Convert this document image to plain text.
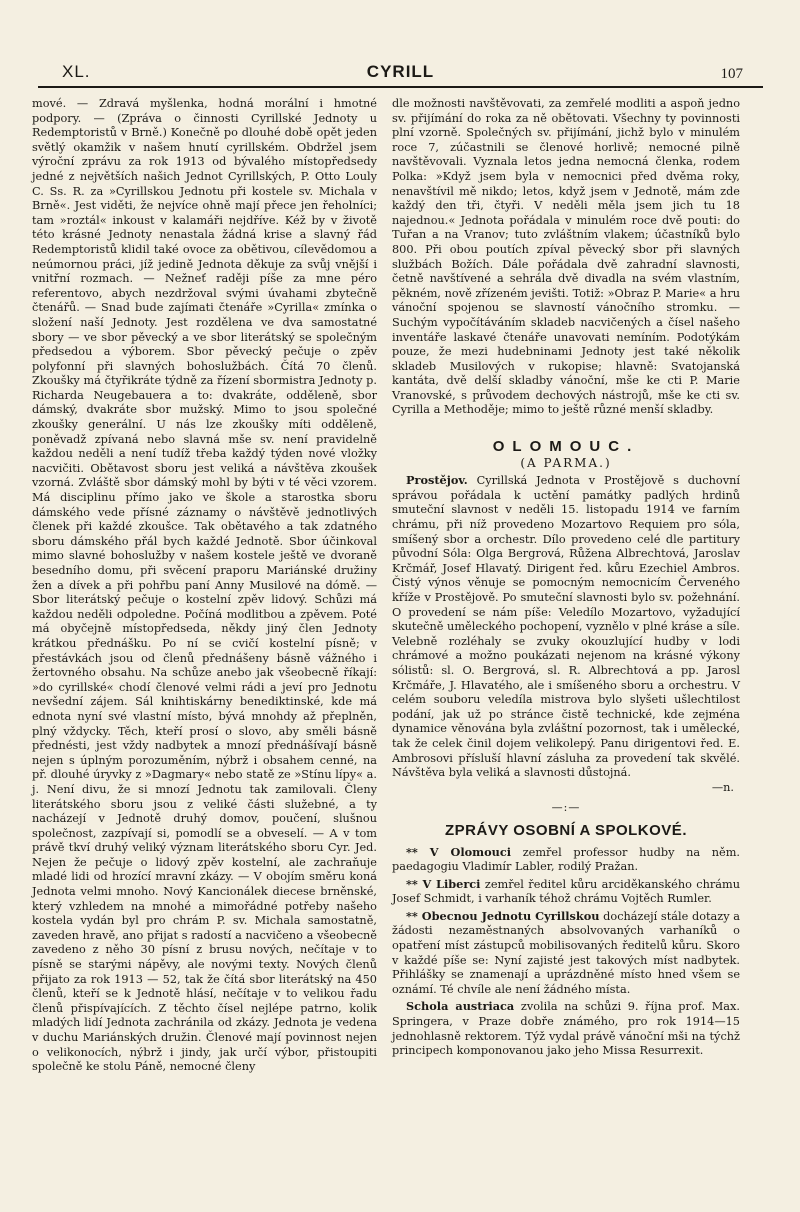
XL.	CYRILL	107

mové. — Zdravá myšlenka, hodná morální i hmotné podpory. — (Zpráva o činnosti Cyrillské Jednoty u Redemptoristů v Brně.) Konečně po dlouhé době opět jeden světlý okamžik v našem hnutí cyrillském. Obdržel jsem výroční zprávu za rok 1913 od bývalého místopředsedy jedné z největších našich Jednot Cyrillských, P. Otto Louly C. Ss. R. za »Cyrillskou Jednotu při kostele sv. Michala v Brně«. Jest viděti, že nejvíce ohně mají přece jen řeholníci; tam »roztál« inkoust v kalamáři nejdříve. Kéž by v životě této krásné Jednoty nenastala žádná krise a slavný řád Redemptoristů klidil také ovoce za obětivou, cílevědomou a neúmornou práci, jíž jedině Jednota děkuje za svůj vnější i vnitřní rozmach. — Nežneť raději píše za mne péro referentovo, abych nezdržoval svými úvahami zbytečně čtenářů. — Snad bude zajímati čtenáře »Cyrilla« zmínka o složení naší Jednoty. Jest rozdělena ve dva samostatné sbory — ve sbor pěvecký a ve sbor literátský se společným předsedou a výborem. Sbor pěvecký pečuje o zpěv polyfonní při slavných bohoslužbách. Čítá 70 členů. Zkoušky má čtyřikráte týdně za řízení sbormistra Jednoty p. Richarda Neugebauera a to: dvakráte, odděleně, sbor dámský, dvakráte sbor mužský. Mimo to jsou společné zkoušky generální. U nás lze zkoušky míti odděleně, poněvadž zpívaná nebo slavná mše sv. není pravidelně každou neděli a není tudíž třeba každý týden nové vložky nacvičiti. Obětavost sboru jest veliká a návštěva zkoušek vzorná. Zvláště sbor dámský mohl by býti v té věci vzorem. Má disciplinu přímo jako ve škole a starostka sboru dámského vede přísné záznamy o návštěvě jednotlivých členek při každé zkoušce. Tak obětavého a tak zdatného sboru dámského přál bych každé Jednotě. Sbor účinkoval mimo slavné bohoslužby v našem kostele ještě ve dvoraně besedního domu, při svěcení praporu Mariánské družiny žen a dívek a při pohřbu paní Anny Musilové na dómě. — Sbor literátský pečuje o kostelní zpěv lidový. Schůzi má každou neděli odpoledne. Počíná modlitbou a zpěvem. Poté má obyčejně místopředseda, někdy jiný člen Jednoty krátkou přednášku. Po ní se cvičí kostelní písně; v přestávkách jsou od členů přednášeny básně vážného i žertovného obsahu. Na schůze anebo jak všeobecně říkají: »do cyrillské« chodí členové velmi rádi a jeví pro Jednotu nevšední zájem. Sál knihtiskárny benediktinské, kde má ednota nyní své vlastní místo, bývá mnohdy až přeplněn, plný vždycky. Těch, kteří prosí o slovo, aby směli básně přednésti, jest vždy nadbytek a mnozí přednášívají básně nejen s úplným porozuměním, nýbrž i obsahem cenné, na př. dlouhé úryvky z »Dagmary« nebo statě ze »Stínu lípy« a. j. Není divu, že si mnozí Jednotu tak zamilovali. Členy literátského sboru jsou z veliké části služebné, a ty nacházejí v Jednotě druhý domov, poučení, slušnou společnost, zazpívají si, pomodlí se a obveselí. — A v tom právě tkví druhý veliký význam literátského sboru Cyr. Jed. Nejen že pečuje o lidový zpěv kostelní, ale zachraňuje mladé lidi od hrozící mravní zkázy. — V obojím směru koná Jednota velmi mnoho. Nový Kancionálek diecese brněnské, který vzhledem na mnohé a mimořádné potřeby našeho kostela vydán byl pro chrám P. sv. Michala samostatně, zaveden hravě, ano přijat s radostí a nacvičeno a všeobecně zavedeno z něho 30 písní z brusu nových, nečítaje v to písně se starými nápěvy, ale novými texty. Nových členů přijato za rok 1913 — 52, tak že čítá sbor literátský na 450 členů, kteří se k Jednotě hlásí, nečítaje v to velikou řadu členů přispívajících. Z těchto čísel nejlépe patrno, kolik mladých lidí Jednota zachránila od zkázy. Jednota je vedena v duchu Mariánských družin. Členové mají povinnost nejen o velikonocích, nýbrž i jindy, jak určí výbor, přistoupiti společně ke stolu Páně, nemocné členy

dle možnosti navštěvovati, za zemřelé modliti a aspoň jedno sv. přijímání do roka za ně obětovati. Všechny ty povinnosti plní vzorně. Společných sv. přijímání, jichž bylo v minulém roce 7, zúčastnili se členové horlivě; nemocné pilně navštěvovali. Vyznala letos jedna nemocná členka, rodem Polka: »Když jsem byla v nemocnici před dvěma roky, nenavštívil mě nikdo; letos, když jsem v Jednotě, mám zde každý den tři, čtyři. V neděli měla jsem jich tu 18 najednou.« Jednota pořádala v minulém roce dvě pouti: do Tuřan a na Vranov; tuto zvláštním vlakem; účastníků bylo 800. Při obou poutích zpíval pěvecký sbor při slavných službách Božích. Dále pořádala dvě zahradní slavnosti, četně navštívené a sehrála dvě divadla na svém vlastním, pěkném, nově zřízeném jevišti. Totiž: »Obraz P. Marie« a hru vánoční spojenou se slavností vánočního stromku. — Suchým vypočítáváním skladeb nacvičených a čísel našeho inventáře laskavé čtenáře unavovati nemíním. Podotýkám pouze, že mezi hudebninami Jednoty jest také několik skladeb Musilových v rukopise; hlavně: Svatojanská kantáta, dvě delší skladby vánoční, mše ke cti P. Marie Vranovské, s průvodem dechových nástrojů, mše ke cti sv. Cyrilla a Methoděje; mimo to ještě různé menší skladby.

OLOMOUC.
(A PARMA.)

Prostějov. Cyrillská Jednota v Prostějově s duchovní správou pořádala k uctění památky padlých hrdinů smuteční slavnost v neděli 15. listopadu 1914 ve farním chrámu, při níž provedeno Mozartovo Requiem pro sóla, smíšený sbor a orchestr. Dílo provedeno celé dle partitury původní Sóla: Olga Bergrová, Růžena Albrechtová, Jaroslav Krčmář, Josef Hlavatý. Dirigent řed. kůru Ezechiel Ambros. Čistý výnos věnuje se pomocným nemocnicím Červeného kříže v Prostějově. Po smuteční slavnosti bylo sv. požehnání. O provedení se nám píše: Veledílo Mozartovo, vyžadující skutečně uměleckého pochopení, vyznělo v plné kráse a síle. Velebně rozléhaly se zvuky okouzlující hudby v lodi chrámové a možno poukázati nejenom na krásné výkony sólistů: sl. O. Bergrová, sl. R. Albrechtová a pp. Jarosl Krčmáře, J. Hlavatého, ale i smíšeného sboru a orchestru. V celém souboru veledíla mistrova bylo slyšeti ušlechtilost podání, jak už po stránce čistě technické, kde zejména dynamice věnována byla zvláštní pozornost, tak i umělecké, tak že celek činil dojem velikolepý. Panu dirigentovi řed. E. Ambrosovi přísluší hlavní zásluha za provedení tak skvělé. Návštěva byla veliká a slavnosti důstojná.

—n.

—:—
ZPRÁVY OSOBNÍ A SPOLKOVÉ.

** V Olomouci zemřel professor hudby na něm. paedagogiu Vladimír Labler, rodilý Pražan.

** V Liberci zemřel ředitel kůru arciděkanského chrámu Josef Schmidt, i varhaník téhož chrámu Vojtěch Rumler.

** Obecnou Jednotu Cyrillskou docházejí stále dotazy a žádosti nezaměstnaných absolvovaných varhaníků o opatření míst zástupců mobilisovaných ředitelů kůru. Skoro v každé píše se: Nyní zajisté jest takových míst nadbytek. Přihlášky se znamenají a uprázdněné místo hned všem se oznámí. Té chvíle ale není žádného místa.

Schola austriaca zvolila na schůzi 9. října prof. Max. Springera, v Praze dobře známého, pro rok 1914—15 jednohlasně rektorem. Týž vydal právě vánoční mši na týchž principech komponovanou jako jeho Missa Resurrexit.
